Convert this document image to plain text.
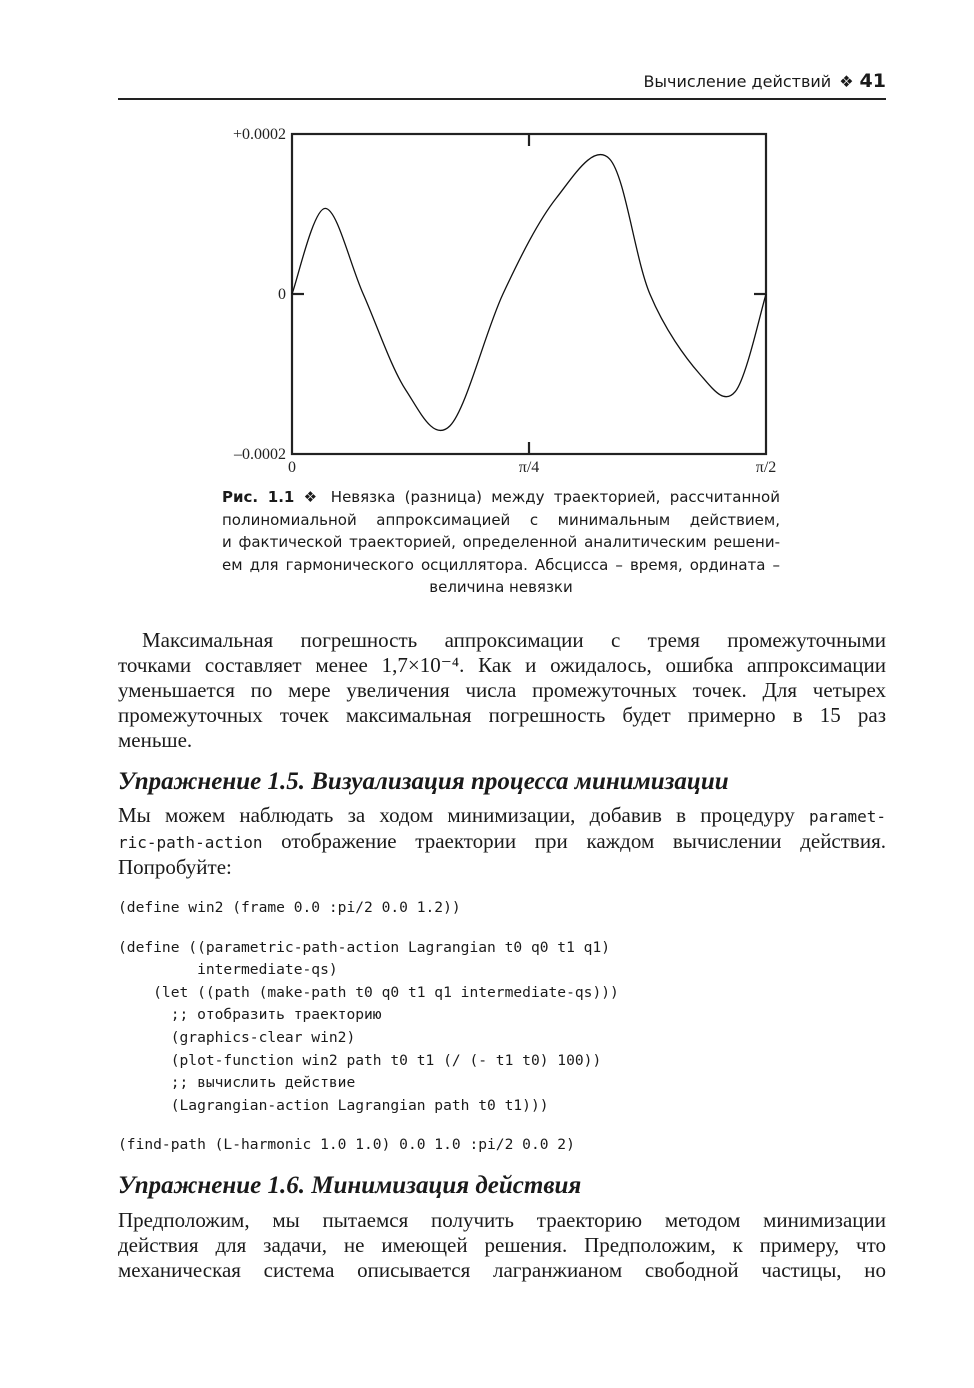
Вычисление действий ❖ 41
0	π/4	π/2
+0.0002
0
–0.0002
Рис. 1.1 ❖ Невязка (разница) между траекторией, рассчитанной
полиномиальной аппроксимацией с минимальным действием,
и фактической траекторией, определенной аналитическим решени-
ем для гармонического осциллятора. Абсцисса – время, ордината –
величина невязки
Максимальная погрешность аппроксимации с тремя промежуточными
точками составляет менее 1,7×10⁻⁴. Как и ожидалось, ошибка аппроксимации
уменьшается по мере увеличения числа промежуточных точек. Для четырех
промежуточных точек максимальная погрешность будет примерно в 15 раз
меньше.
Упражнение 1.5. Визуализация процесса минимизации
Мы можем наблюдать за ходом минимизации, добавив в процедуру paramet-
ric-path-action отображение траектории при каждом вычислении действия.
Попробуйте:
(define win2 (frame 0.0 :pi/2 0.0 1.2))
(define ((parametric-path-action Lagrangian t0 q0 t1 q1)
intermediate-qs)
(let ((path (make-path t0 q0 t1 q1 intermediate-qs)))
;; отобразить траекторию
(graphics-clear win2)
(plot-function win2 path t0 t1 (/ (- t1 t0) 100))
;; вычислить действие
(Lagrangian-action Lagrangian path t0 t1)))
(find-path (L-harmonic 1.0 1.0) 0.0 1.0 :pi/2 0.0 2)
Упражнение 1.6. Минимизация действия
Предположим, мы пытаемся получить траекторию методом минимизации
действия для задачи, не имеющей решения. Предположим, к примеру, что
механическая система описывается лагранжианом свободной частицы, но
